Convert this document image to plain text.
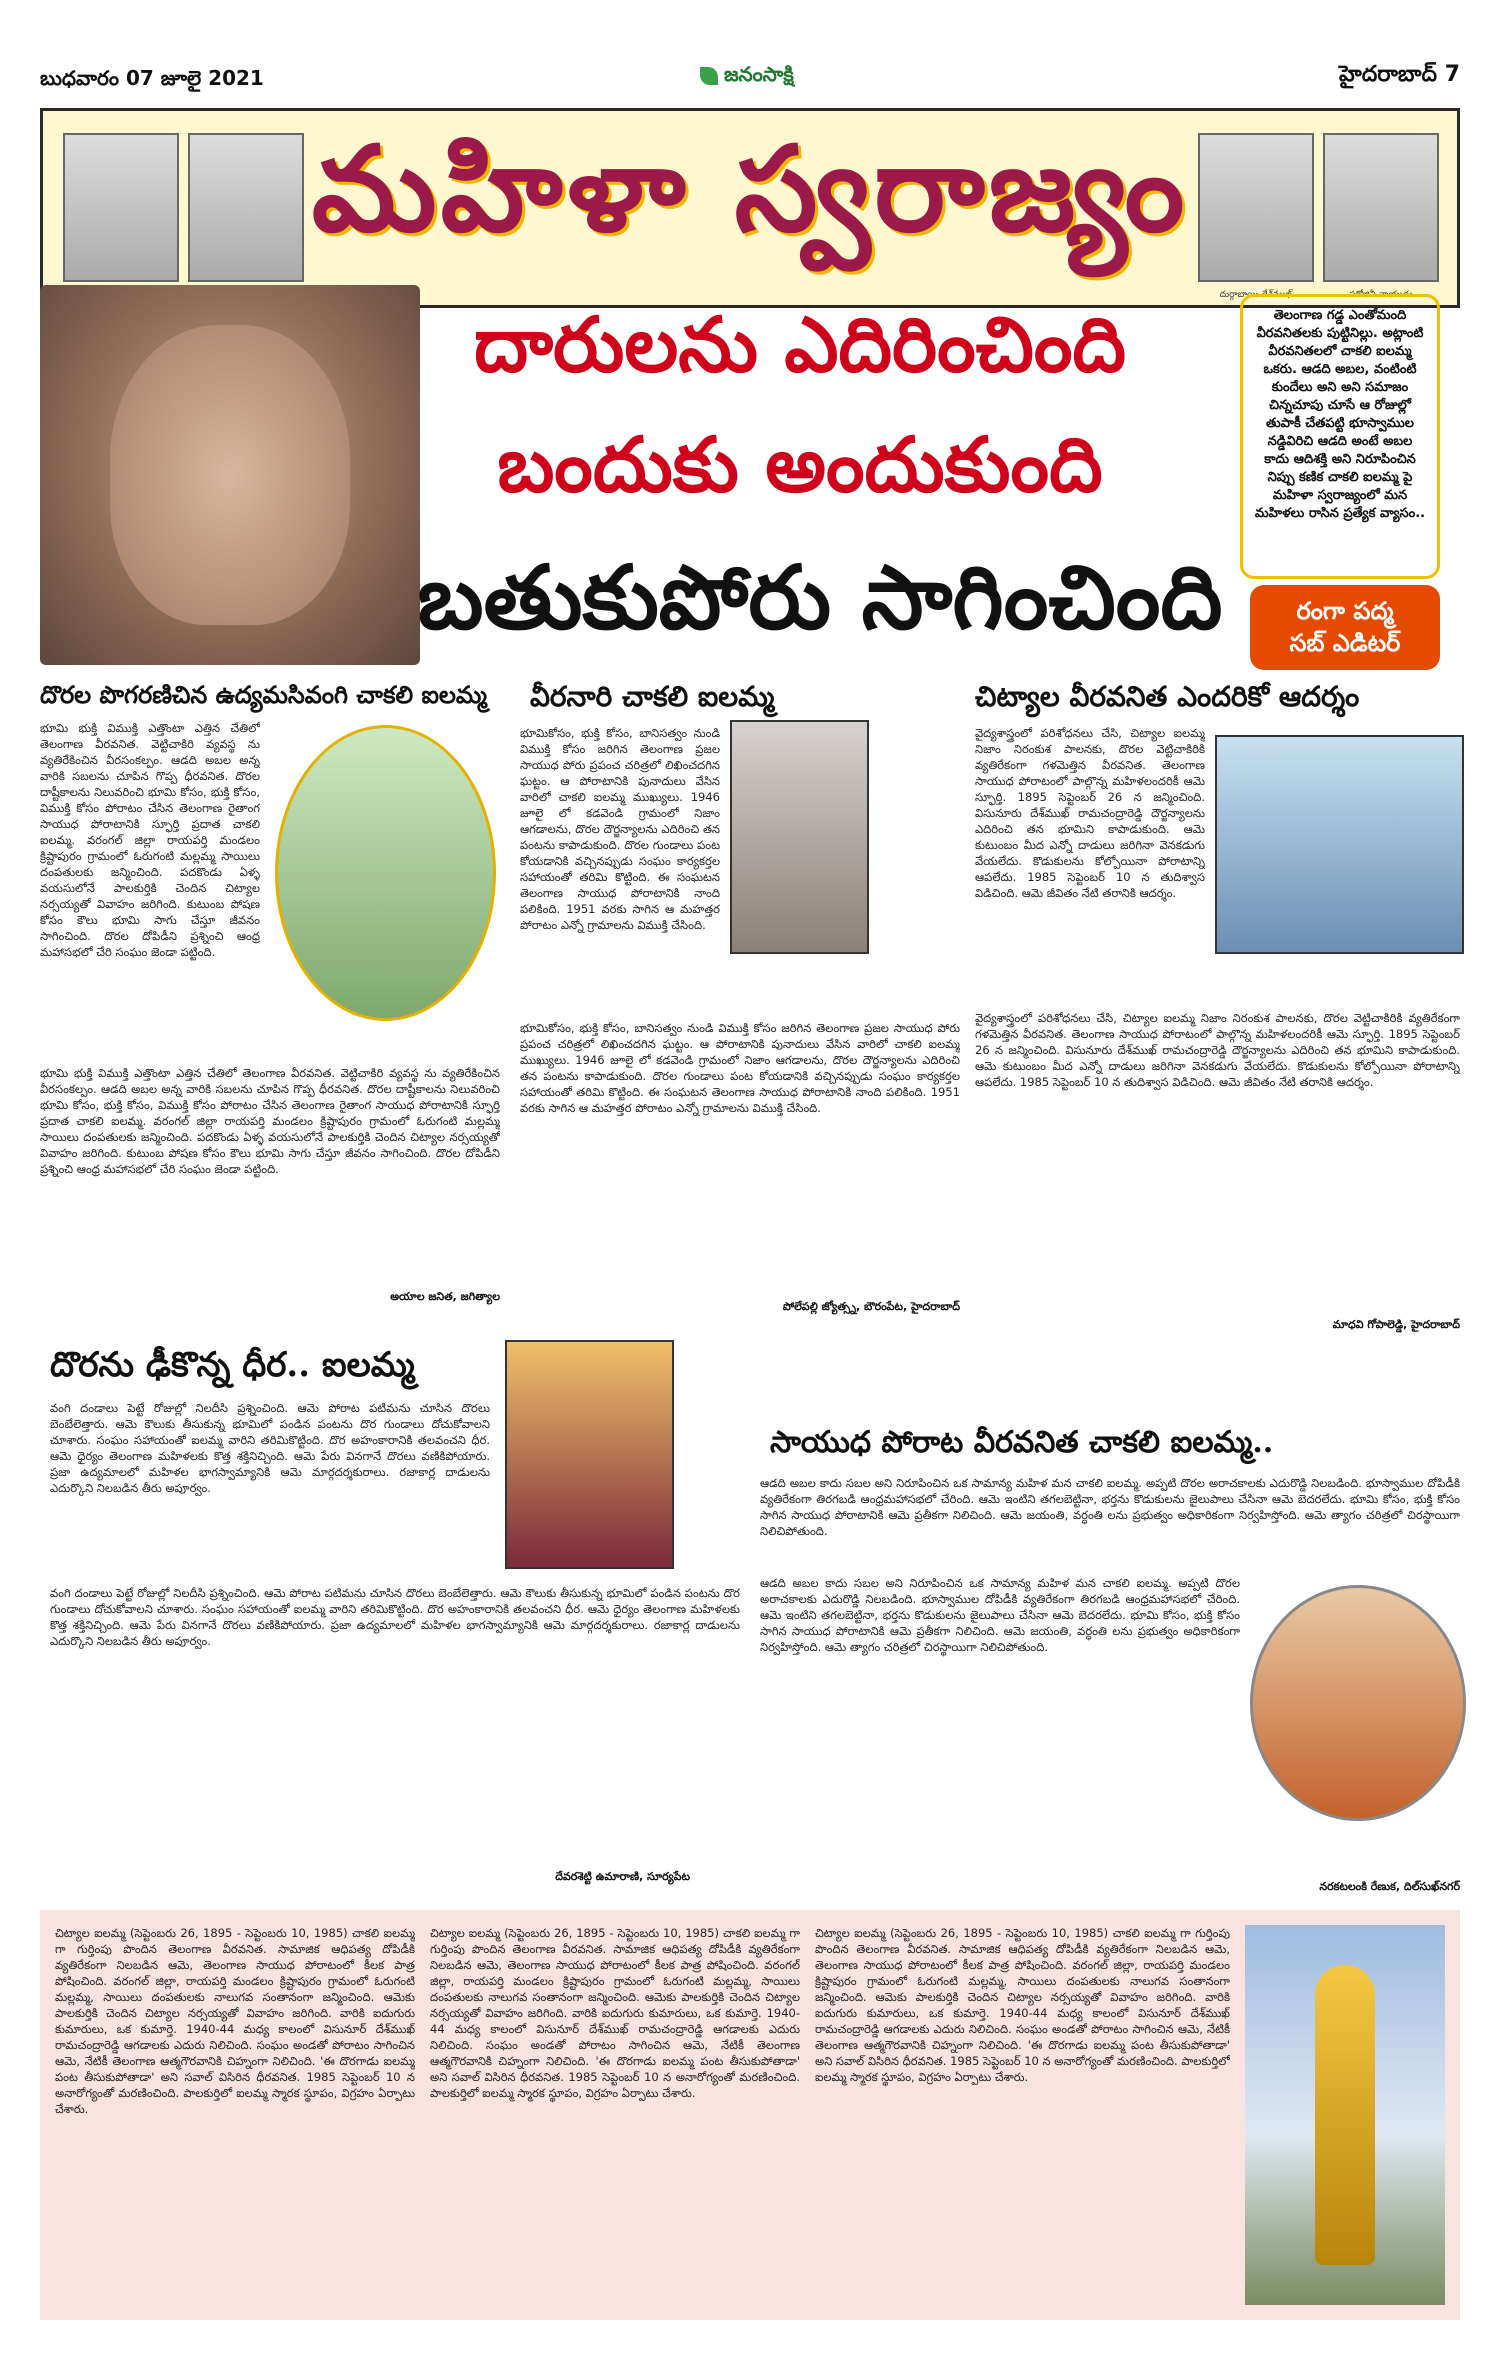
బుధవారం 07 జూలై 2021	జనంసాక్షి	హైదరాబాద్ 7
దుర్గాబాయి దేశ్‌ముఖ్	సరోజినీ నాయుడు
మహిళా స్వరాజ్యం
దారులను ఎదిరించింది
బందుకు అందుకుంది
బతుకుపోరు సాగించింది
తెలంగాణ గడ్డ ఎంతోమంది వీరవనితలకు పుట్టినిల్లు. అట్లాంటి వీరవనితలలో చాకలి ఐలమ్మ ఒకరు. ఆడది అబల, వంటింటి కుందేలు అని అని సమాజం చిన్నచూపు చూసే ఆ రోజుల్లో తుపాకీ చేతపట్టి భూస్వాముల నడ్డివిరిచి ఆడది అంటే అబల కాదు ఆదిశక్తి అని నిరూపించిన నిప్పు కణిక చాకలి ఐలమ్మ పై మహిళా స్వరాజ్యంలో మన మహిళలు రాసిన ప్రత్యేక వ్యాసం..
రంగా పద్మ
సబ్ ఎడిటర్
దొరల పొగరణిచిన ఉద్యమసివంగి చాకలి ఐలమ్మ
భూమి భుక్తి విముక్తి ఎత్తొంటా ఎత్తిన చేతిలో తెలంగాణ వీరవనిత. వెట్టిచాకిరి వ్యవస్థ ను వ్యతిరేకించిన వీరసంకల్పం. ఆడది అబల అన్న వారికి సబలను చూపిన గొప్ప ధీరవనిత. దొరల దాష్టీకాలను నిలువరించి భూమి కోసం, భుక్తి కోసం, విముక్తి కోసం పోరాటం చేసిన తెలంగాణ రైతాంగ సాయుధ పోరాటానికి స్ఫూర్తి ప్రదాత చాకలి ఐలమ్మ. వరంగల్ జిల్లా రాయపర్తి మండలం క్రిష్టాపురం గ్రామంలో ఓరుగంటి మల్లమ్మ సాయిలు దంపతులకు జన్మించింది. పదకొండు ఏళ్ళ వయసులోనే పాలకుర్తికి చెందిన చిట్యాల నర్సయ్యతో వివాహం జరిగింది. కుటుంబ పోషణ కోసం కౌలు భూమి సాగు చేస్తూ జీవనం సాగించింది. దొరల దోపిడీని ప్రశ్నించి ఆంధ్ర మహాసభలో చేరి సంఘం జెండా పట్టింది.
భూమి భుక్తి విముక్తి ఎత్తొంటా ఎత్తిన చేతిలో తెలంగాణ వీరవనిత. వెట్టిచాకిరి వ్యవస్థ ను వ్యతిరేకించిన వీరసంకల్పం. ఆడది అబల అన్న వారికి సబలను చూపిన గొప్ప ధీరవనిత. దొరల దాష్టీకాలను నిలువరించి భూమి కోసం, భుక్తి కోసం, విముక్తి కోసం పోరాటం చేసిన తెలంగాణ రైతాంగ సాయుధ పోరాటానికి స్ఫూర్తి ప్రదాత చాకలి ఐలమ్మ. వరంగల్ జిల్లా రాయపర్తి మండలం క్రిష్టాపురం గ్రామంలో ఓరుగంటి మల్లమ్మ సాయిలు దంపతులకు జన్మించింది. పదకొండు ఏళ్ళ వయసులోనే పాలకుర్తికి చెందిన చిట్యాల నర్సయ్యతో వివాహం జరిగింది. కుటుంబ పోషణ కోసం కౌలు భూమి సాగు చేస్తూ జీవనం సాగించింది. దొరల దోపిడీని ప్రశ్నించి ఆంధ్ర మహాసభలో చేరి సంఘం జెండా పట్టింది.
అయాల జనిత, జగిత్యాల
వీరనారి చాకలి ఐలమ్మ
భూమికోసం, భుక్తి కోసం, బానిసత్వం నుండి విముక్తి కోసం జరిగిన తెలంగాణ ప్రజల సాయుధ పోరు ప్రపంచ చరిత్రలో లిఖించదగిన ఘట్టం. ఆ పోరాటానికి పునాదులు వేసిన వారిలో చాకలి ఐలమ్మ ముఖ్యులు. 1946 జూలై లో కడవెండి గ్రామంలో నిజాం ఆగడాలను, దొరల దౌర్జన్యాలను ఎదిరించి తన పంటను కాపాడుకుంది. దొరల గుండాలు పంట కోయడానికి వచ్చినప్పుడు సంఘం కార్యకర్తల సహాయంతో తరిమి కొట్టింది. ఈ సంఘటన తెలంగాణ సాయుధ పోరాటానికి నాంది పలికింది. 1951 వరకు సాగిన ఆ మహత్తర పోరాటం ఎన్నో గ్రామాలను విముక్తి చేసింది.
భూమికోసం, భుక్తి కోసం, బానిసత్వం నుండి విముక్తి కోసం జరిగిన తెలంగాణ ప్రజల సాయుధ పోరు ప్రపంచ చరిత్రలో లిఖించదగిన ఘట్టం. ఆ పోరాటానికి పునాదులు వేసిన వారిలో చాకలి ఐలమ్మ ముఖ్యులు. 1946 జూలై లో కడవెండి గ్రామంలో నిజాం ఆగడాలను, దొరల దౌర్జన్యాలను ఎదిరించి తన పంటను కాపాడుకుంది. దొరల గుండాలు పంట కోయడానికి వచ్చినప్పుడు సంఘం కార్యకర్తల సహాయంతో తరిమి కొట్టింది. ఈ సంఘటన తెలంగాణ సాయుధ పోరాటానికి నాంది పలికింది. 1951 వరకు సాగిన ఆ మహత్తర పోరాటం ఎన్నో గ్రామాలను విముక్తి చేసింది.
పోలేపల్లి జ్యోత్స్న, బౌరంపేట, హైదరాబాద్
చిట్యాల వీరవనిత ఎందరికో ఆదర్శం
వైద్యశాస్త్రంలో పరిశోధనలు చేసి, చిట్యాల ఐలమ్మ నిజాం నిరంకుశ పాలనకు, దొరల వెట్టిచాకిరికి వ్యతిరేకంగా గళమెత్తిన వీరవనిత. తెలంగాణ సాయుధ పోరాటంలో పాల్గొన్న మహిళలందరికీ ఆమె స్ఫూర్తి. 1895 సెప్టెంబర్ 26 న జన్మించింది. విసునూరు దేశ్‌ముఖ్ రామచంద్రారెడ్డి దౌర్జన్యాలను ఎదిరించి తన భూమిని కాపాడుకుంది. ఆమె కుటుంబం మీద ఎన్నో దాడులు జరిగినా వెనకడుగు వేయలేదు. కొడుకులను కోల్పోయినా పోరాటాన్ని ఆపలేదు. 1985 సెప్టెంబర్ 10 న తుదిశ్వాస విడిచింది. ఆమె జీవితం నేటి తరానికి ఆదర్శం.
వైద్యశాస్త్రంలో పరిశోధనలు చేసి, చిట్యాల ఐలమ్మ నిజాం నిరంకుశ పాలనకు, దొరల వెట్టిచాకిరికి వ్యతిరేకంగా గళమెత్తిన వీరవనిత. తెలంగాణ సాయుధ పోరాటంలో పాల్గొన్న మహిళలందరికీ ఆమె స్ఫూర్తి. 1895 సెప్టెంబర్ 26 న జన్మించింది. విసునూరు దేశ్‌ముఖ్ రామచంద్రారెడ్డి దౌర్జన్యాలను ఎదిరించి తన భూమిని కాపాడుకుంది. ఆమె కుటుంబం మీద ఎన్నో దాడులు జరిగినా వెనకడుగు వేయలేదు. కొడుకులను కోల్పోయినా పోరాటాన్ని ఆపలేదు. 1985 సెప్టెంబర్ 10 న తుదిశ్వాస విడిచింది. ఆమె జీవితం నేటి తరానికి ఆదర్శం.
మాధవి గోపాలెడ్డి, హైదరాబాద్
దొరను ఢీకొన్న ధీర.. ఐలమ్మ
వంగి దండాలు పెట్టే రోజుల్లో నిలదీసి ప్రశ్నించింది. ఆమె పోరాట పటిమను చూసిన దొరలు బెంబేలెత్తారు. ఆమె కౌలుకు తీసుకున్న భూమిలో పండిన పంటను దొర గుండాలు దోచుకోవాలని చూశారు. సంఘం సహాయంతో ఐలమ్మ వారిని తరిమికొట్టింది. దొర అహంకారానికి తలవంచని ధీర. ఆమె ధైర్యం తెలంగాణ మహిళలకు కొత్త శక్తినిచ్చింది. ఆమె పేరు వినగానే దొరలు వణికిపోయారు. ప్రజా ఉద్యమాలలో మహిళల భాగస్వామ్యానికి ఆమె మార్గదర్శకురాలు. రజాకార్ల దాడులను ఎదుర్కొని నిలబడిన తీరు అపూర్వం.
వంగి దండాలు పెట్టే రోజుల్లో నిలదీసి ప్రశ్నించింది. ఆమె పోరాట పటిమను చూసిన దొరలు బెంబేలెత్తారు. ఆమె కౌలుకు తీసుకున్న భూమిలో పండిన పంటను దొర గుండాలు దోచుకోవాలని చూశారు. సంఘం సహాయంతో ఐలమ్మ వారిని తరిమికొట్టింది. దొర అహంకారానికి తలవంచని ధీర. ఆమె ధైర్యం తెలంగాణ మహిళలకు కొత్త శక్తినిచ్చింది. ఆమె పేరు వినగానే దొరలు వణికిపోయారు. ప్రజా ఉద్యమాలలో మహిళల భాగస్వామ్యానికి ఆమె మార్గదర్శకురాలు. రజాకార్ల దాడులను ఎదుర్కొని నిలబడిన తీరు అపూర్వం.
దేవరశెట్టి ఉమారాణి, సూర్యపేట
సాయుధ పోరాట వీరవనిత చాకలి ఐలమ్మ..
ఆడది అబల కాదు సబల అని నిరూపించిన ఒక సామాన్య మహిళ మన చాకలి ఐలమ్మ. అప్పటి దొరల అరాచకాలకు ఎదురొడ్డి నిలబడింది. భూస్వాముల దోపిడీకి వ్యతిరేకంగా తిరగబడి ఆంధ్రమహాసభలో చేరింది. ఆమె ఇంటిని తగలబెట్టినా, భర్తను కొడుకులను జైలుపాలు చేసినా ఆమె బెదరలేదు. భూమి కోసం, భుక్తి కోసం సాగిన సాయుధ పోరాటానికి ఆమె ప్రతీకగా నిలిచింది. ఆమె జయంతి, వర్ధంతి లను ప్రభుత్వం అధికారికంగా నిర్వహిస్తోంది. ఆమె త్యాగం చరిత్రలో చిరస్థాయిగా నిలిచిపోతుంది.
ఆడది అబల కాదు సబల అని నిరూపించిన ఒక సామాన్య మహిళ మన చాకలి ఐలమ్మ. అప్పటి దొరల అరాచకాలకు ఎదురొడ్డి నిలబడింది. భూస్వాముల దోపిడీకి వ్యతిరేకంగా తిరగబడి ఆంధ్రమహాసభలో చేరింది. ఆమె ఇంటిని తగలబెట్టినా, భర్తను కొడుకులను జైలుపాలు చేసినా ఆమె బెదరలేదు. భూమి కోసం, భుక్తి కోసం సాగిన సాయుధ పోరాటానికి ఆమె ప్రతీకగా నిలిచింది. ఆమె జయంతి, వర్ధంతి లను ప్రభుత్వం అధికారికంగా నిర్వహిస్తోంది. ఆమె త్యాగం చరిత్రలో చిరస్థాయిగా నిలిచిపోతుంది.
నరకటలంకి రేణుక, దిల్‌సుఖ్‌నగర్
చిట్యాల ఐలమ్మ (సెప్టెంబరు 26, 1895 - సెప్టెంబరు 10, 1985) చాకలి ఐలమ్మ గా గుర్తింపు పొందిన తెలంగాణ వీరవనిత. సామాజిక ఆధిపత్య దోపిడీకి వ్యతిరేకంగా నిలబడిన ఆమె, తెలంగాణ సాయుధ పోరాటంలో కీలక పాత్ర పోషించింది. వరంగల్ జిల్లా, రాయపర్తి మండలం క్రిష్టాపురం గ్రామంలో ఓరుగంటి మల్లమ్మ, సాయిలు దంపతులకు నాలుగవ సంతానంగా జన్మించింది. ఆమెకు పాలకుర్తికి చెందిన చిట్యాల నర్సయ్యతో వివాహం జరిగింది. వారికి ఐదుగురు కుమారులు, ఒక కుమార్తె. 1940-44 మధ్య కాలంలో విసునూర్ దేశ్‌ముఖ్ రామచంద్రారెడ్డి ఆగడాలకు ఎదురు నిలిచింది. సంఘం అండతో పోరాటం సాగించిన ఆమె, నేటికీ తెలంగాణ ఆత్మగౌరవానికి చిహ్నంగా నిలిచింది. 'ఈ దొరగాడు ఐలమ్మ పంట తీసుకుపోతాడా' అని సవాల్ విసిరిన ధీరవనిత. 1985 సెప్టెంబర్ 10 న అనారోగ్యంతో మరణించింది. పాలకుర్తిలో ఐలమ్మ స్మారక స్థూపం, విగ్రహం ఏర్పాటు చేశారు.
చిట్యాల ఐలమ్మ (సెప్టెంబరు 26, 1895 - సెప్టెంబరు 10, 1985) చాకలి ఐలమ్మ గా గుర్తింపు పొందిన తెలంగాణ వీరవనిత. సామాజిక ఆధిపత్య దోపిడీకి వ్యతిరేకంగా నిలబడిన ఆమె, తెలంగాణ సాయుధ పోరాటంలో కీలక పాత్ర పోషించింది. వరంగల్ జిల్లా, రాయపర్తి మండలం క్రిష్టాపురం గ్రామంలో ఓరుగంటి మల్లమ్మ, సాయిలు దంపతులకు నాలుగవ సంతానంగా జన్మించింది. ఆమెకు పాలకుర్తికి చెందిన చిట్యాల నర్సయ్యతో వివాహం జరిగింది. వారికి ఐదుగురు కుమారులు, ఒక కుమార్తె. 1940-44 మధ్య కాలంలో విసునూర్ దేశ్‌ముఖ్ రామచంద్రారెడ్డి ఆగడాలకు ఎదురు నిలిచింది. సంఘం అండతో పోరాటం సాగించిన ఆమె, నేటికీ తెలంగాణ ఆత్మగౌరవానికి చిహ్నంగా నిలిచింది. 'ఈ దొరగాడు ఐలమ్మ పంట తీసుకుపోతాడా' అని సవాల్ విసిరిన ధీరవనిత. 1985 సెప్టెంబర్ 10 న అనారోగ్యంతో మరణించింది. పాలకుర్తిలో ఐలమ్మ స్మారక స్థూపం, విగ్రహం ఏర్పాటు చేశారు.
చిట్యాల ఐలమ్మ (సెప్టెంబరు 26, 1895 - సెప్టెంబరు 10, 1985) చాకలి ఐలమ్మ గా గుర్తింపు పొందిన తెలంగాణ వీరవనిత. సామాజిక ఆధిపత్య దోపిడీకి వ్యతిరేకంగా నిలబడిన ఆమె, తెలంగాణ సాయుధ పోరాటంలో కీలక పాత్ర పోషించింది. వరంగల్ జిల్లా, రాయపర్తి మండలం క్రిష్టాపురం గ్రామంలో ఓరుగంటి మల్లమ్మ, సాయిలు దంపతులకు నాలుగవ సంతానంగా జన్మించింది. ఆమెకు పాలకుర్తికి చెందిన చిట్యాల నర్సయ్యతో వివాహం జరిగింది. వారికి ఐదుగురు కుమారులు, ఒక కుమార్తె. 1940-44 మధ్య కాలంలో విసునూర్ దేశ్‌ముఖ్ రామచంద్రారెడ్డి ఆగడాలకు ఎదురు నిలిచింది. సంఘం అండతో పోరాటం సాగించిన ఆమె, నేటికీ తెలంగాణ ఆత్మగౌరవానికి చిహ్నంగా నిలిచింది. 'ఈ దొరగాడు ఐలమ్మ పంట తీసుకుపోతాడా' అని సవాల్ విసిరిన ధీరవనిత. 1985 సెప్టెంబర్ 10 న అనారోగ్యంతో మరణించింది. పాలకుర్తిలో ఐలమ్మ స్మారక స్థూపం, విగ్రహం ఏర్పాటు చేశారు.
